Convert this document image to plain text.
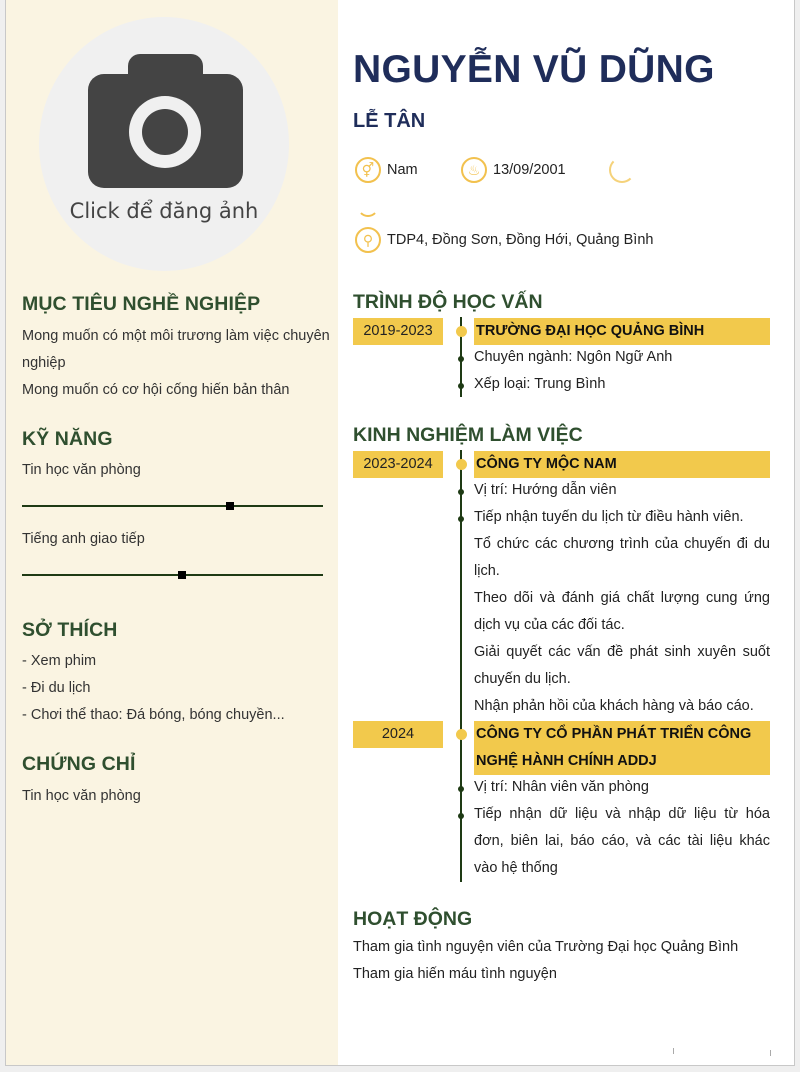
Click để đăng ảnh
MỤC TIÊU NGHỀ NGHIỆP
Mong muốn có một môi trương làm việc chuyên
nghiệp
Mong muốn có cơ hội cống hiến bản thân
KỸ NĂNG
Tin học văn phòng
Tiếng anh giao tiếp
SỞ THÍCH
- Xem phim
- Đi du lịch
- Chơi thể thao: Đá bóng, bóng chuyền...
CHỨNG CHỈ
Tin học văn phòng
NGUYỄN VŨ DŨNG
LỄ TÂN
⚥ Nam	♨ 13/09/2001
⚲ TDP4, Đồng Sơn, Đồng Hới, Quảng Bình
TRÌNH ĐỘ HỌC VẤN
2019-2023	TRƯỜNG ĐẠI HỌC QUẢNG BÌNH
Chuyên ngành: Ngôn Ngữ Anh
Xếp loại: Trung Bình
KINH NGHIỆM LÀM VIỆC
2023-2024	CÔNG TY MỘC NAM
Vị trí: Hướng dẫn viên
Tiếp nhận tuyến du lịch từ điều hành viên.
Tổ chức các chương trình của chuyến đi du
lịch.
Theo dõi và đánh giá chất lượng cung ứng
dịch vụ của các đối tác.
Giải quyết các vấn đề phát sinh xuyên suốt
chuyến du lịch.
Nhận phản hồi của khách hàng và báo cáo.
2024	CÔNG TY CỔ PHẦN PHÁT TRIỂN CÔNG
NGHỆ HÀNH CHÍNH ADDJ
Vị trí: Nhân viên văn phòng
Tiếp nhận dữ liệu và nhập dữ liệu từ hóa
đơn, biên lai, báo cáo, và các tài liệu khác
vào hệ thống
HOẠT ĐỘNG
Tham gia tình nguyện viên của Trường Đại học Quảng Bình
Tham gia hiến máu tình nguyện
